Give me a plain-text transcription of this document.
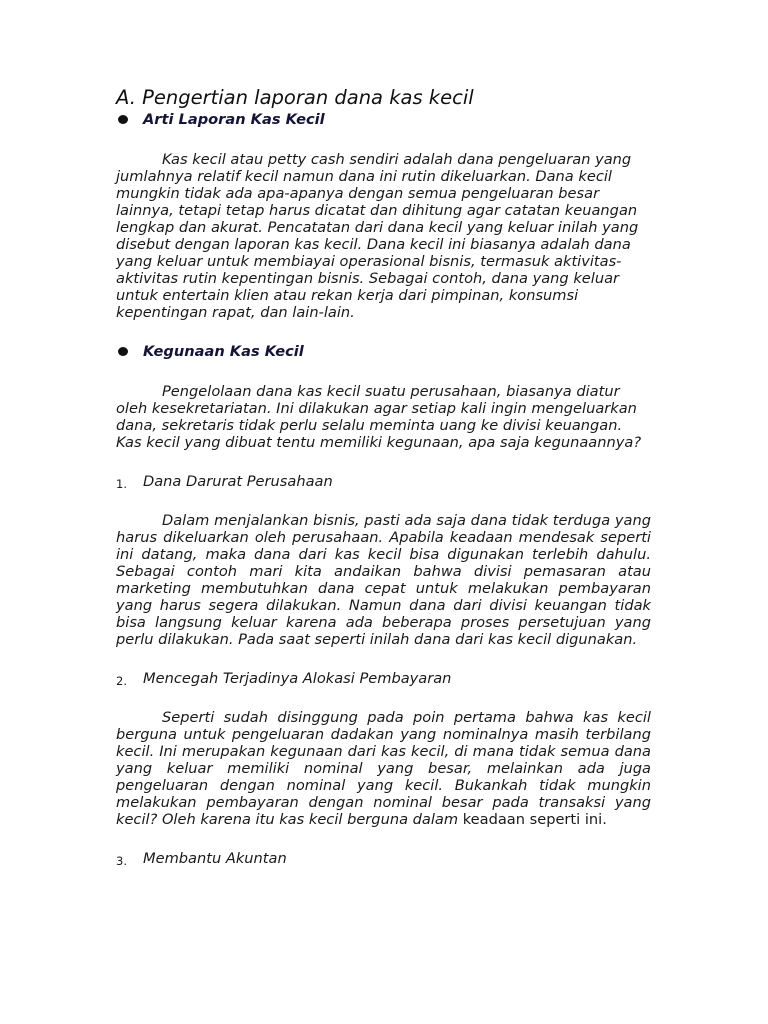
A. Pengertian laporan dana kas kecil
Arti Laporan Kas Kecil

Kas kecil atau petty cash sendiri adalah dana pengeluaran yang jumlahnya relatif kecil namun dana ini rutin dikeluarkan. Dana kecil mungkin tidak ada apa-apanya dengan semua pengeluaran besar lainnya, tetapi tetap harus dicatat dan dihitung agar catatan keuangan lengkap dan akurat. Pencatatan dari dana kecil yang keluar inilah yang disebut dengan laporan kas kecil. Dana kecil ini biasanya adalah dana yang keluar untuk membiayai operasional bisnis, termasuk aktivitas-aktivitas rutin kepentingan bisnis. Sebagai contoh, dana yang keluar untuk entertain klien atau rekan kerja dari pimpinan, konsumsi kepentingan rapat, dan lain-lain.

Kegunaan Kas Kecil

Pengelolaan dana kas kecil suatu perusahaan, biasanya diatur oleh kesekretariatan. Ini dilakukan agar setiap kali ingin mengeluarkan dana, sekretaris tidak perlu selalu meminta uang ke divisi keuangan. Kas kecil yang dibuat tentu memiliki kegunaan, apa saja kegunaannya?

1. Dana Darurat Perusahaan

Dalam menjalankan bisnis, pasti ada saja dana tidak terduga yang harus dikeluarkan oleh perusahaan. Apabila keadaan mendesak seperti ini datang, maka dana dari kas kecil bisa digunakan terlebih dahulu. Sebagai contoh mari kita andaikan bahwa divisi pemasaran atau marketing membutuhkan dana cepat untuk melakukan pembayaran yang harus segera dilakukan. Namun dana dari divisi keuangan tidak bisa langsung keluar karena ada beberapa proses persetujuan yang perlu dilakukan. Pada saat seperti inilah dana dari kas kecil digunakan.

2. Mencegah Terjadinya Alokasi Pembayaran

Seperti sudah disinggung pada poin pertama bahwa kas kecil berguna untuk pengeluaran dadakan yang nominalnya masih terbilang kecil. Ini merupakan kegunaan dari kas kecil, di mana tidak semua dana yang keluar memiliki nominal yang besar, melainkan ada juga pengeluaran dengan nominal yang kecil. Bukankah tidak mungkin melakukan pembayaran dengan nominal besar pada transaksi yang kecil? Oleh karena itu kas kecil berguna dalam keadaan seperti ini.

3. Membantu Akuntan
